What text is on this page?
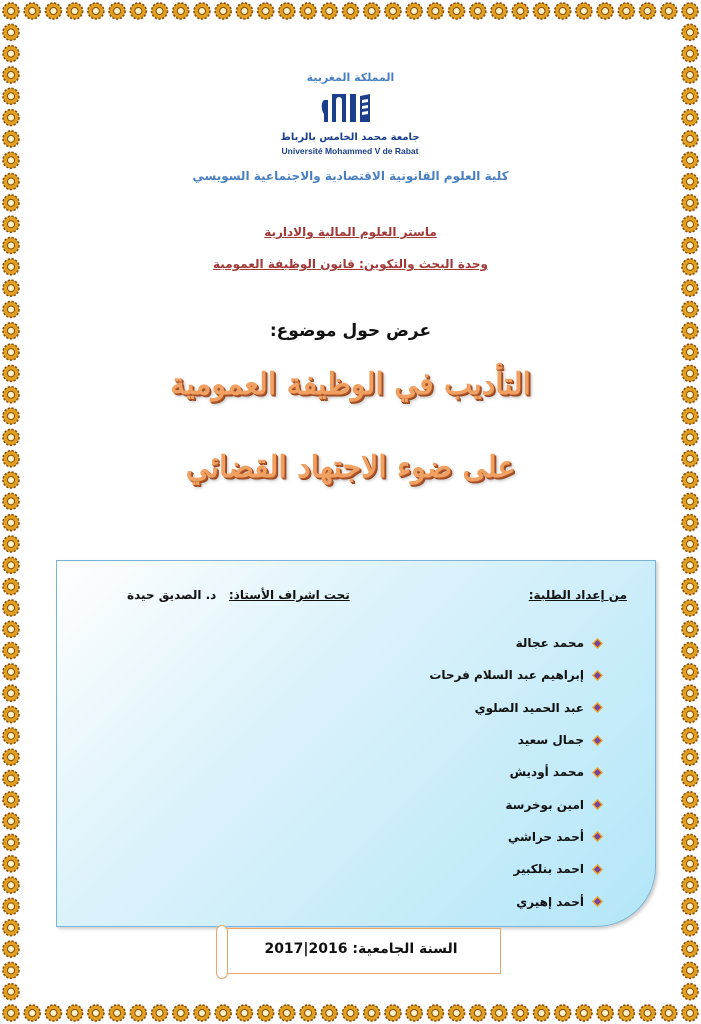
المملكة المغربية
جامعة محمد الخامس بالرباط
Université Mohammed V de Rabat
كلية العلوم القانونية الاقتصادية والاجتماعية السويسي
ماستر العلوم المالية والادارية
وحدة البحث والتكوين: قانون الوظيفة العمومية
عرض حول موضوع:
التأديب في الوظيفة العمومية
على ضوء الاجتهاد القضائي
من إعداد الطلبة:
تحت اشراف الأستاذ:   د. الصديق حيدة
محمد عجالة
إبراهيم عبد السلام فرحات
عبد الحميد الصلوي
جمال سعيد
محمد أوديش
امين بوخرسة
أحمد حراشي
احمد بنلكبير
أحمد إهيري
السنة الجامعية: 2016|2017
